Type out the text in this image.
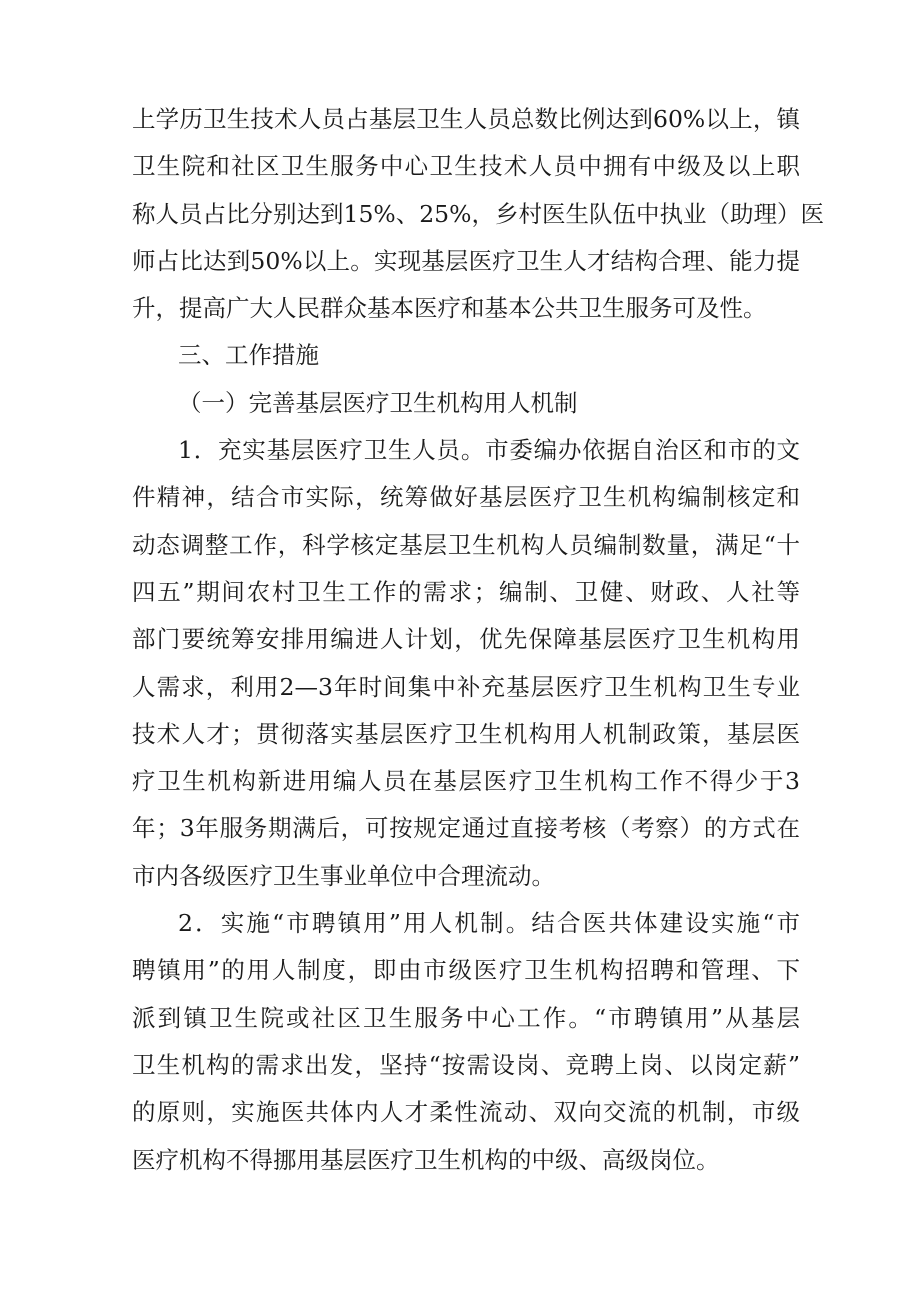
上学历卫生技术人员占基层卫生人员总数比例达到60%以上，镇
卫生院和社区卫生服务中心卫生技术人员中拥有中级及以上职
称人员占比分别达到15%、25%，乡村医生队伍中执业（助理）医
师占比达到50%以上。实现基层医疗卫生人才结构合理、能力提
升，提高广大人民群众基本医疗和基本公共卫生服务可及性。
三、工作措施
（一）完善基层医疗卫生机构用人机制
1．充实基层医疗卫生人员。市委编办依据自治区和市的文
件精神，结合市实际，统筹做好基层医疗卫生机构编制核定和
动态调整工作，科学核定基层卫生机构人员编制数量，满足“十
四五”期间农村卫生工作的需求；编制、卫健、财政、人社等
部门要统筹安排用编进人计划，优先保障基层医疗卫生机构用
人需求，利用2—3年时间集中补充基层医疗卫生机构卫生专业
技术人才；贯彻落实基层医疗卫生机构用人机制政策，基层医
疗卫生机构新进用编人员在基层医疗卫生机构工作不得少于3
年；3年服务期满后，可按规定通过直接考核（考察）的方式在
市内各级医疗卫生事业单位中合理流动。
2．实施“市聘镇用”用人机制。结合医共体建设实施“市
聘镇用”的用人制度，即由市级医疗卫生机构招聘和管理、下
派到镇卫生院或社区卫生服务中心工作。“市聘镇用”从基层
卫生机构的需求出发，坚持“按需设岗、竞聘上岗、以岗定薪”
的原则，实施医共体内人才柔性流动、双向交流的机制，市级
医疗机构不得挪用基层医疗卫生机构的中级、高级岗位。
